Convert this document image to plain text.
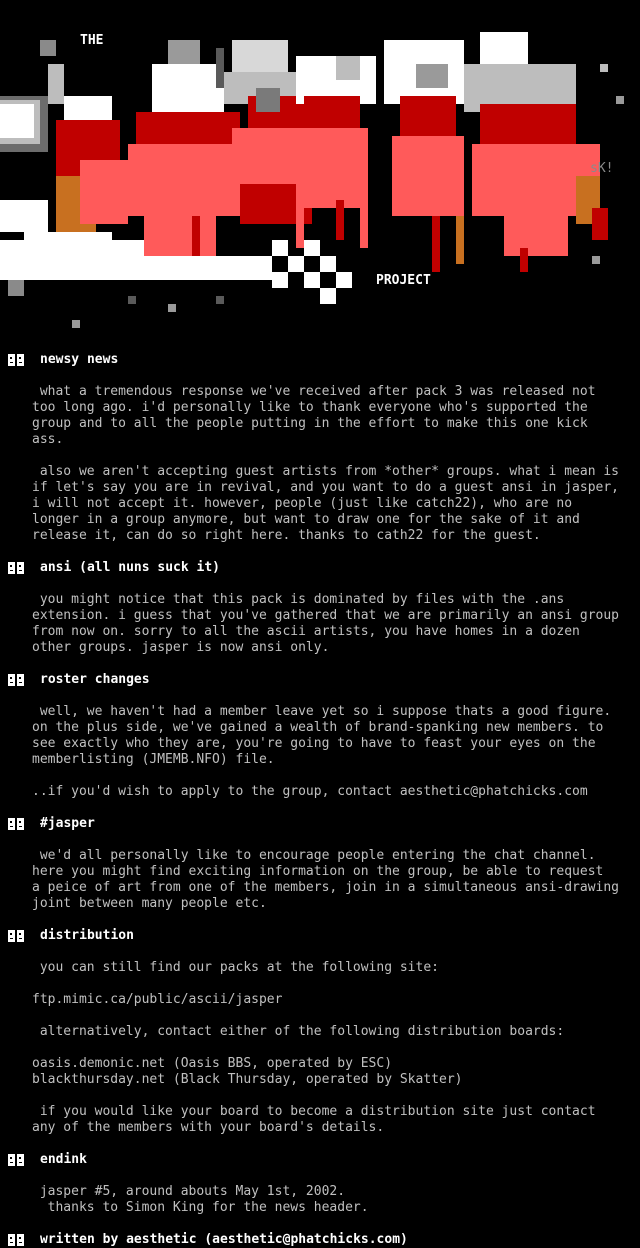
THE
PROJECT
sK!
newsy news
what a tremendous response we've received after pack 3 was released not
too long ago. i'd personally like to thank everyone who's supported the
group and to all the people putting in the effort to make this one kick
ass.
also we aren't accepting guest artists from *other* groups. what i mean is
if let's say you are in revival, and you want to do a guest ansi in jasper,
i will not accept it. however, people (just like catch22), who are no
longer in a group anymore, but want to draw one for the sake of it and
release it, can do so right here. thanks to cath22 for the guest.
ansi (all nuns suck it)
you might notice that this pack is dominated by files with the .ans
extension. i guess that you've gathered that we are primarily an ansi group
from now on. sorry to all the ascii artists, you have homes in a dozen
other groups. jasper is now ansi only.
roster changes
well, we haven't had a member leave yet so i suppose thats a good figure.
on the plus side, we've gained a wealth of brand-spanking new members. to
see exactly who they are, you're going to have to feast your eyes on the
memberlisting (JMEMB.NFO) file.
..if you'd wish to apply to the group, contact aesthetic@phatchicks.com
#jasper
we'd all personally like to encourage people entering the chat channel.
here you might find exciting information on the group, be able to request
a peice of art from one of the members, join in a simultaneous ansi-drawing
joint between many people etc.
distribution
you can still find our packs at the following site:
ftp.mimic.ca/public/ascii/jasper
alternatively, contact either of the following distribution boards:
oasis.demonic.net (Oasis BBS, operated by ESC)
blackthursday.net (Black Thursday, operated by Skatter)
if you would like your board to become a distribution site just contact
any of the members with your board's details.
endink
jasper #5, around abouts May 1st, 2002.
thanks to Simon King for the news header.
written by aesthetic (aesthetic@phatchicks.com)
